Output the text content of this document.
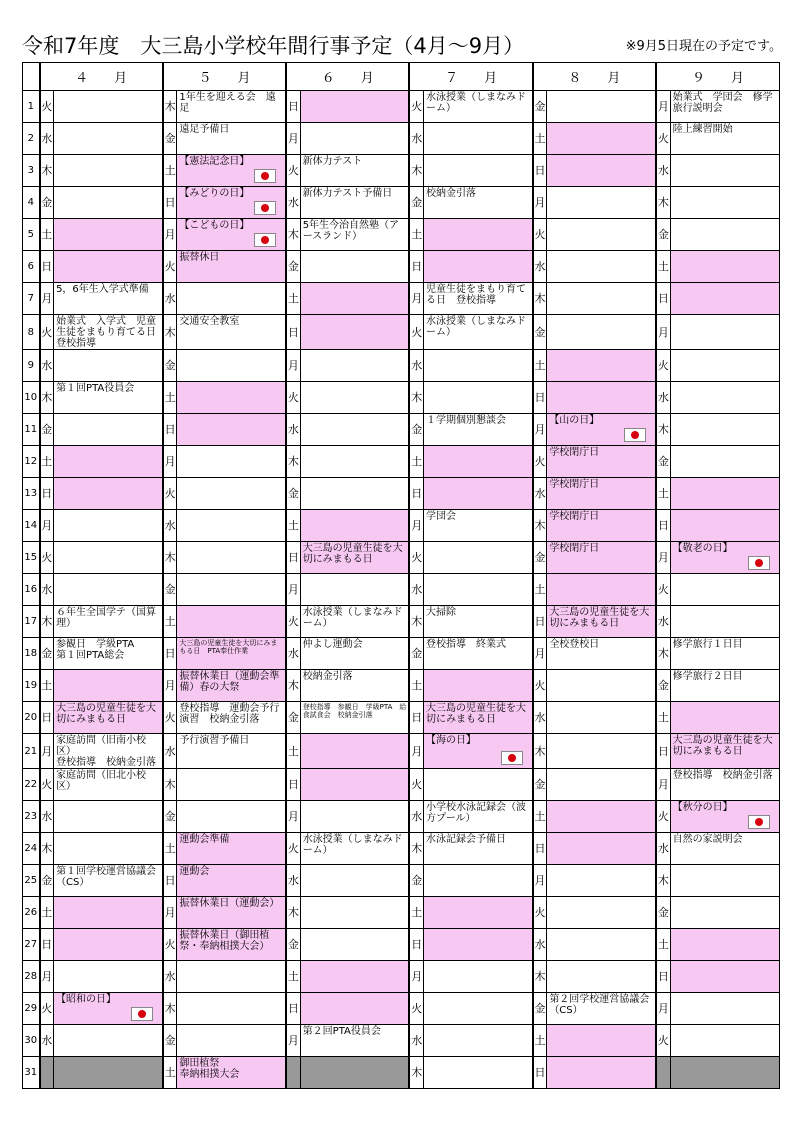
令和7年度　大三島小学校年間行事予定（4月～9月）	※9月5日現在の予定です。
	４　　月		５　　月		６　　月		７　　月		８　　月		９　　月	
1	火		木	1年生を迎える会　遠足	日		火	水泳授業（しまなみドーム）	金		月	始業式　学団会　修学旅行説明会

2	水		金	遠足予備日	月		水		土		火	陸上練習開始

3	木		土	【憲法記念日】	火	新体力テスト	木		日		水	

4	金		日	【みどりの日】	水	新体力テスト予備日	金	校納金引落	月		木	

5	土		月	【こどもの日】	木	5年生今治自然塾（アースランド）	土		火		金	

6	日		火	振替休日	金		日		水		土	

7	月	5，6年生入学式準備	水		土		月	児童生徒をまもり育てる日　登校指導	木		日	

8	火	始業式　入学式　児童生徒をまもり育てる日　登校指導	木	交通安全教室	日		火	水泳授業（しまなみドーム）	金		月	

9	水		金		月		水		土		火	

10	木	第１回PTA役員会	土		火		木		日		水	

11	金		日		水		金	１学期個別懇談会	月	【山の日】	木	

12	土		月		木		土		火	学校閉庁日	金	

13	日		火		金		日		水	学校閉庁日	土	

14	月		水		土		月	学団会	木	学校閉庁日	日	

15	火		木		日	大三島の児童生徒を大切にみまもる日	火		金	学校閉庁日	月	【敬老の日】

16	水		金		月		水		土		火	

17	木	６年生全国学テ（国算理）	土		火	水泳授業（しまなみドーム）	木	大掃除	日	大三島の児童生徒を大切にみまもる日	水	

18	金	参観日　学級PTA
第１回PTA総会	日	大三島の児童生徒を大切にみまもる日　PTA奉仕作業	水	仲よし運動会	金	登校指導　終業式	月	全校登校日	木	修学旅行１日目

19	土		月	振替休業日（運動会準備）春の大祭	木	校納金引落	土		火		金	修学旅行２日目

20	日	大三島の児童生徒を大切にみまもる日	火	登校指導　運動会予行演習　校納金引落	金	登校指導　参観日　学級PTA　給食試食会　校納金引落	日	大三島の児童生徒を大切にみまもる日	水		土	

21	月	家庭訪問（旧南小校区）
登校指導　校納金引落	水	予行演習予備日	土		月	【海の日】	木		日	大三島の児童生徒を大切にみまもる日

22	火	家庭訪問（旧北小校区）	木		日		火		金		月	登校指導　校納金引落

23	水		金		月		水	小学校水泳記録会（波方プール）	土		火	【秋分の日】

24	木		土	運動会準備	火	水泳授業（しまなみドーム）	木	水泳記録会予備日	日		水	自然の家説明会

25	金	第１回学校運営協議会（CS）	日	運動会	水		金		月		木	

26	土		月	振替休業日（運動会）	木		土		火		金	

27	日		火	振替休業日（御田植祭・奉納相撲大会）	金		日		水		土	

28	月		水		土		月		木		日	

29	火	【昭和の日】	木		日		火		金	第２回学校運営協議会（CS）	月	

30	水		金		月	第２回PTA役員会	水		土		火	

31			土	御田植祭
奉納相撲大会			木		日	
